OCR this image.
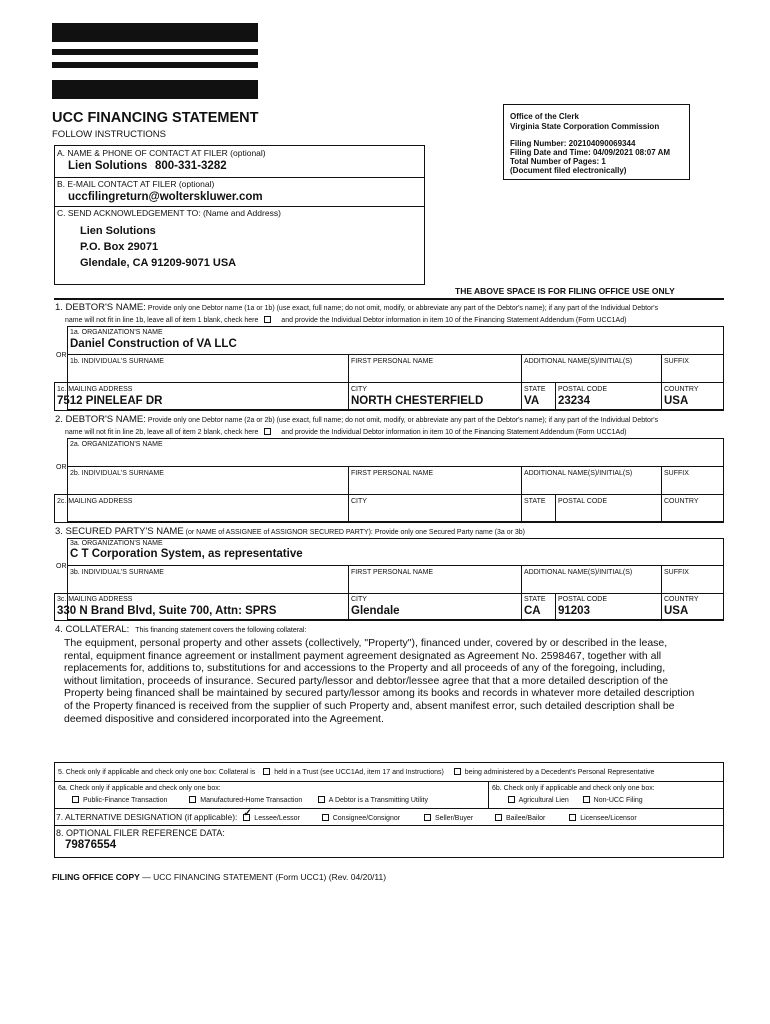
UCC FINANCING STATEMENT
FOLLOW INSTRUCTIONS
Office of the Clerk
Virginia State Corporation Commission
Filing Number: 202104090069344
Filing Date and Time: 04/09/2021 08:07 AM
Total Number of Pages: 1
(Document filed electronically)
A. NAME & PHONE OF CONTACT AT FILER (optional)
Lien Solutions 800-331-3282
B. E-MAIL CONTACT AT FILER (optional)
uccfilingreturn@wolterskluwer.com
C. SEND ACKNOWLEDGEMENT TO: (Name and Address)
Lien Solutions
P.O. Box 29071
Glendale, CA 91209-9071 USA
THE ABOVE SPACE IS FOR FILING OFFICE USE ONLY
1. DEBTOR'S NAME: Provide only one Debtor name (1a or 1b) (use exact, full name; do not omit, modify, or abbreviate any part of the Debtor's name); if any part of the Individual Debtor's
name will not fit in line 1b, leave all of item 1 blank, check here	and provide the Individual Debtor information in item 10 of the Financing Statement Addendum (Form UCC1Ad)
1a. ORGANIZATION'S NAME
Daniel Construction of VA LLC
OR
1b. INDIVIDUAL'S SURNAME	FIRST PERSONAL NAME	ADDITIONAL NAME(S)/INITIAL(S)	SUFFIX
1c. MAILING ADDRESS
7512 PINELEAF DR
CITY
NORTH CHESTERFIELD
STATE
VA
POSTAL CODE
23234
COUNTRY
USA
2. DEBTOR'S NAME: Provide only one Debtor name (2a or 2b) (use exact, full name; do not omit, modify, or abbreviate any part of the Debtor's name); if any part of the Individual Debtor's
name will not fit in line 2b, leave all of item 2 blank, check here	and provide the Individual Debtor information in item 10 of the Financing Statement Addendum (Form UCC1Ad)
2a. ORGANIZATION'S NAME
OR
2b. INDIVIDUAL'S SURNAME	FIRST PERSONAL NAME	ADDITIONAL NAME(S)/INITIAL(S)	SUFFIX
2c. MAILING ADDRESS	CITY	STATE POSTAL CODE	COUNTRY
3. SECURED PARTY'S NAME (or NAME of ASSIGNEE of ASSIGNOR SECURED PARTY): Provide only one Secured Party name (3a or 3b)
3a. ORGANIZATION'S NAME
C T Corporation System, as representative
OR
3b. INDIVIDUAL'S SURNAME	FIRST PERSONAL NAME	ADDITIONAL NAME(S)/INITIAL(S)	SUFFIX
3c. MAILING ADDRESS
330 N Brand Blvd, Suite 700, Attn: SPRS
CITY
Glendale
STATE
CA
POSTAL CODE
91203
COUNTRY
USA
4. COLLATERAL: This financing statement covers the following collateral:
The equipment, personal property and other assets (collectively, "Property"), financed under, covered by or described in the lease,
rental, equipment finance agreement or installment payment agreement designated as Agreement No. 2598467, together with all
replacements for, additions to, substitutions for and accessions to the Property and all proceeds of any of the foregoing, including,
without limitation, proceeds of insurance. Secured party/lessor and debtor/lessee agree that that a more detailed description of the
Property being financed shall be maintained by secured party/lessor among its books and records in whatever more detailed description
of the Property financed is received from the supplier of such Property and, absent manifest error, such detailed description shall be
deemed dispositive and considered incorporated into the Agreement.
5. Check only if applicable and check only one box: Collateral is	held in a Trust (see UCC1Ad, item 17 and Instructions)	being administered by a Decedent's Personal Representative
6a. Check only if applicable and check only one box:
Public-Finance Transaction	Manufactured-Home Transaction	A Debtor is a Transmitting Utility
6b. Check only if applicable and check only one box:
Agricultural Lien	Non-UCC Filing
7. ALTERNATIVE DESIGNATION (if applicable): ✓ Lessee/Lessor	Consignee/Consignor	Seller/Buyer	Bailee/Bailor	Licensee/Licensor
8. OPTIONAL FILER REFERENCE DATA:
79876554
FILING OFFICE COPY — UCC FINANCING STATEMENT (Form UCC1) (Rev. 04/20/11)
